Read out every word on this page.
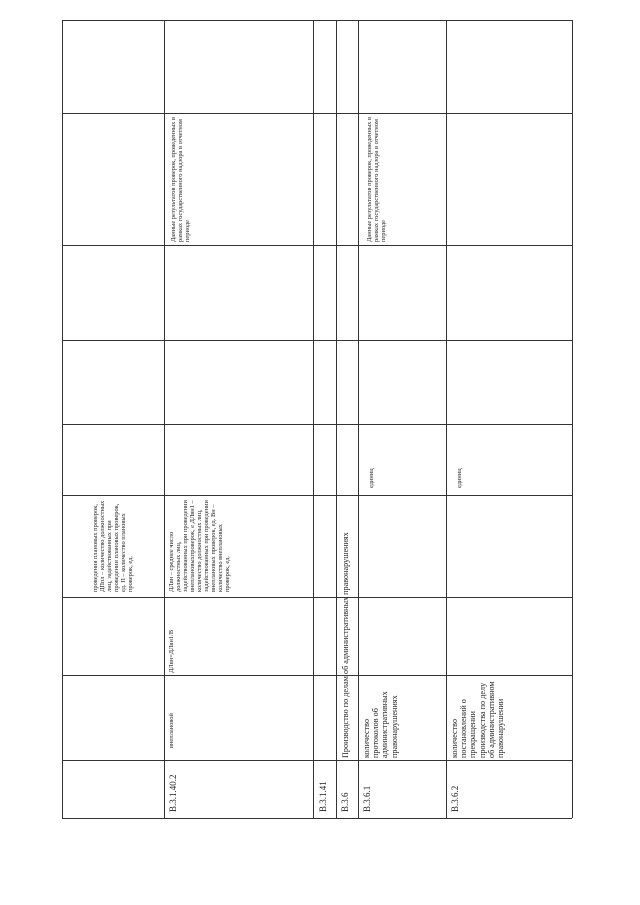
проведения плановых проверок, ДПпл – количество должностных лиц, задействованных при проведении плановых проверок, ед. П – количество плановых проверок, ед.
B.3.1.40.2
внеплановой
ДЛвн=ДЛвн1/В
ДЛвн – среднее число должностных лиц, задействованных при проведении внеплановыхпроверок, е ДЛвн1 – количество должностных лиц, задействованных при проведении внеплановых проверок, ед. Вн – количество внеплановых проверок, ед.
Данные результатов проверок, проведенных в рамках государственного надзора в отчетном периоде
B.3.1.41 B.3.6
Производство по делам об административных правонарушениях
B.3.6.1
количество протоколов об административных правонарушениях
единиц
Данные результатов проверок, проведенных в рамках государственного надзора в отчетном периоде
B.3.6.2
количество постановлений о прекращении производства по делу об административном правонарушении
единиц
